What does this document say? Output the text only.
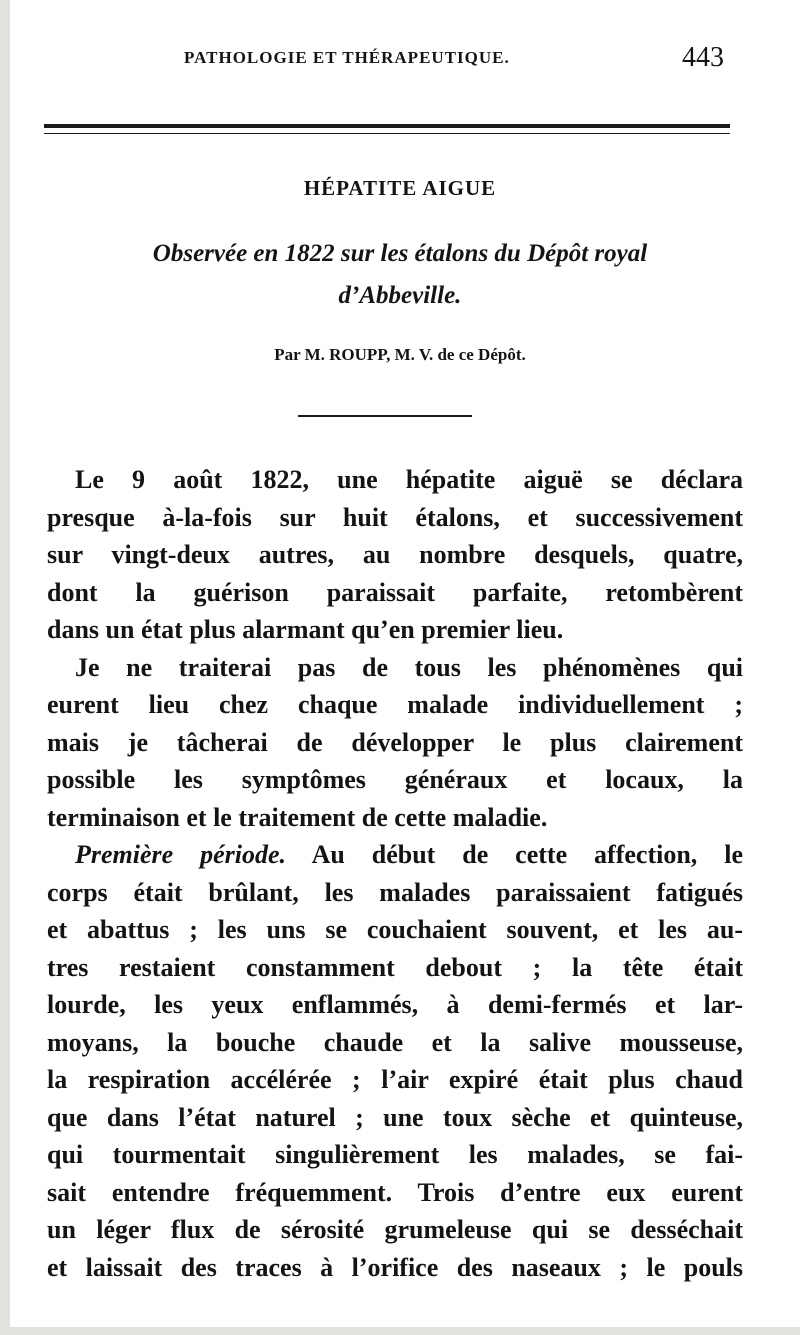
PATHOLOGIE ET THÉRAPEUTIQUE.	443
HÉPATITE AIGUE
Observée en 1822 sur les étalons du Dépôt royal
d’Abbeville.
Par M. ROUPP, M. V. de ce Dépôt.
Le 9 août 1822, une hépatite aiguë se déclara
presque à-la-fois sur huit étalons, et successivement
sur vingt-deux autres, au nombre desquels, quatre,
dont la guérison paraissait parfaite, retombèrent
dans un état plus alarmant qu’en premier lieu.
Je ne traiterai pas de tous les phénomènes qui
eurent lieu chez chaque malade individuellement ;
mais je tâcherai de développer le plus clairement
possible les symptômes généraux et locaux, la
terminaison et le traitement de cette maladie.
Première période. Au début de cette affection, le
corps était brûlant, les malades paraissaient fatigués
et abattus ; les uns se couchaient souvent, et les au-
tres restaient constamment debout ; la tête était
lourde, les yeux enflammés, à demi-fermés et lar-
moyans, la bouche chaude et la salive mousseuse,
la respiration accélérée ; l’air expiré était plus chaud
que dans l’état naturel ; une toux sèche et quinteuse,
qui tourmentait singulièrement les malades, se fai-
sait entendre fréquemment. Trois d’entre eux eurent
un léger flux de sérosité grumeleuse qui se desséchait
et laissait des traces à l’orifice des naseaux ; le pouls
